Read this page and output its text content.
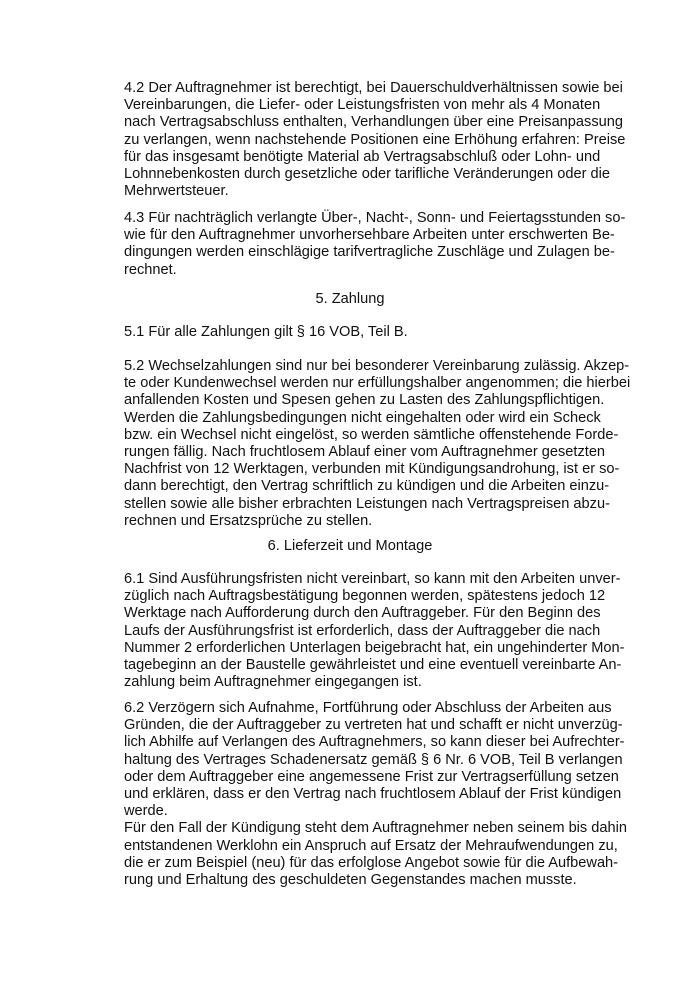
4.2 Der Auftragnehmer ist berechtigt, bei Dauerschuldverhältnissen sowie bei
Vereinbarungen, die Liefer- oder Leistungsfristen von mehr als 4 Monaten
nach Vertragsabschluss enthalten, Verhandlungen über eine Preisanpassung
zu verlangen, wenn nachstehende Positionen eine Erhöhung erfahren: Preise
für das insgesamt benötigte Material ab Vertragsabschluß oder Lohn- und
Lohnnebenkosten durch gesetzliche oder tarifliche Veränderungen oder die
Mehrwertsteuer.
4.3 Für nachträglich verlangte Über-, Nacht-, Sonn- und Feiertagsstunden so-
wie für den Auftragnehmer unvorhersehbare Arbeiten unter erschwerten Be-
dingungen werden einschlägige tarifvertragliche Zuschläge und Zulagen be-
rechnet.
5. Zahlung
5.1 Für alle Zahlungen gilt § 16 VOB, Teil B.
5.2 Wechselzahlungen sind nur bei besonderer Vereinbarung zulässig. Akzep-
te oder Kundenwechsel werden nur erfüllungshalber angenommen; die hierbei
anfallenden Kosten und Spesen gehen zu Lasten des Zahlungspflichtigen.
Werden die Zahlungsbedingungen nicht eingehalten oder wird ein Scheck
bzw. ein Wechsel nicht eingelöst, so werden sämtliche offenstehende Forde-
rungen fällig. Nach fruchtlosem Ablauf einer vom Auftragnehmer gesetzten
Nachfrist von 12 Werktagen, verbunden mit Kündigungsandrohung, ist er so-
dann berechtigt, den Vertrag schriftlich zu kündigen und die Arbeiten einzu-
stellen sowie alle bisher erbrachten Leistungen nach Vertragspreisen abzu-
rechnen und Ersatzsprüche zu stellen.
6. Lieferzeit und Montage
6.1 Sind Ausführungsfristen nicht vereinbart, so kann mit den Arbeiten unver-
züglich nach Auftragsbestätigung begonnen werden, spätestens jedoch 12
Werktage nach Aufforderung durch den Auftraggeber. Für den Beginn des
Laufs der Ausführungsfrist ist erforderlich, dass der Auftraggeber die nach
Nummer 2 erforderlichen Unterlagen beigebracht hat, ein ungehinderter Mon-
tagebeginn an der Baustelle gewährleistet und eine eventuell vereinbarte An-
zahlung beim Auftragnehmer eingegangen ist.
6.2 Verzögern sich Aufnahme, Fortführung oder Abschluss der Arbeiten aus
Gründen, die der Auftraggeber zu vertreten hat und schafft er nicht unverzüg-
lich Abhilfe auf Verlangen des Auftragnehmers, so kann dieser bei Aufrechter-
haltung des Vertrages Schadenersatz gemäß § 6 Nr. 6 VOB, Teil B verlangen
oder dem Auftraggeber eine angemessene Frist zur Vertragserfüllung setzen
und erklären, dass er den Vertrag nach fruchtlosem Ablauf der Frist kündigen
werde.
Für den Fall der Kündigung steht dem Auftragnehmer neben seinem bis dahin
entstandenen Werklohn ein Anspruch auf Ersatz der Mehraufwendungen zu,
die er zum Beispiel (neu) für das erfolglose Angebot sowie für die Aufbewah-
rung und Erhaltung des geschuldeten Gegenstandes machen musste.
